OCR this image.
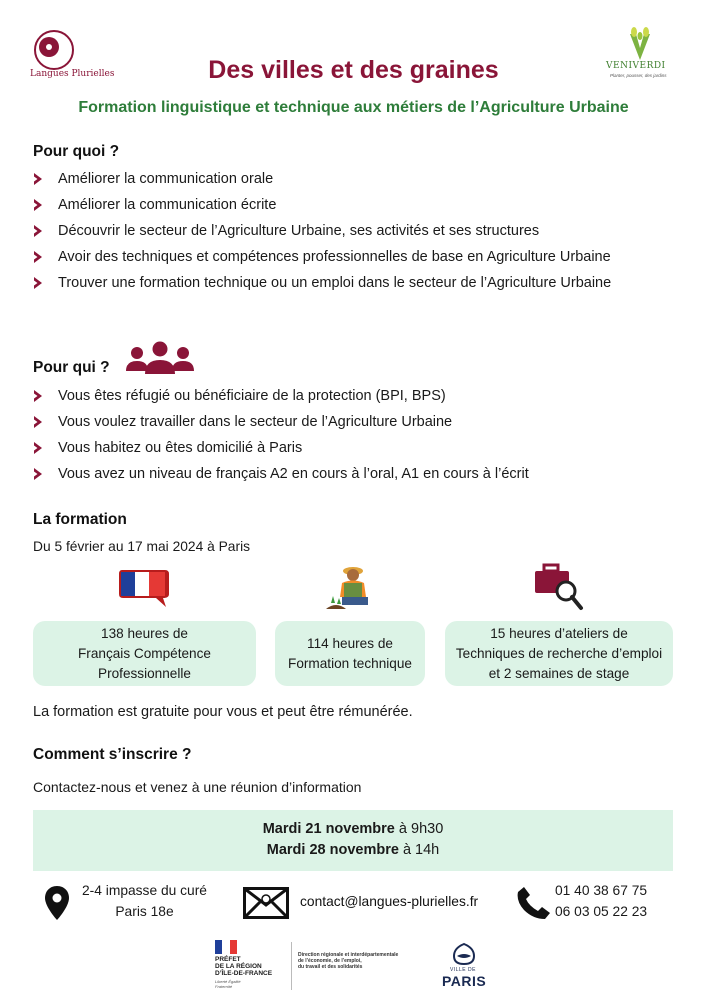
Langues Plurielles
VENIVERDI
Planter, pousser, des jardins
Des villes et des graines
Formation linguistique et technique aux métiers de l’Agriculture Urbaine
Pour quoi ?
Améliorer la communication orale
Améliorer la communication écrite
Découvrir le secteur de l’Agriculture Urbaine, ses activités et ses structures
Avoir des techniques et compétences professionnelles de base en Agriculture Urbaine
Trouver une formation technique ou un emploi dans le secteur de l’Agriculture Urbaine
Pour qui ?
Vous êtes réfugié ou bénéficiaire de la protection (BPI, BPS)
Vous voulez travailler dans le secteur de l’Agriculture Urbaine
Vous habitez ou êtes domicilié à Paris
Vous avez un niveau de français A2 en cours à l’oral, A1 en cours à l’écrit
La formation
Du 5 février au 17 mai 2024 à Paris
138 heures de
Français Compétence
Professionnelle
114 heures de
Formation technique
15 heures d’ateliers de
Techniques de recherche d’emploi
et 2 semaines de stage
La formation est gratuite pour vous et peut être rémunérée.
Comment s’inscrire ?
Contactez-nous et venez à une réunion d’information
Mardi 21 novembre à 9h30
Mardi 28 novembre à 14h
2-4 impasse du curé
Paris 18e
contact@langues-plurielles.fr
01 40 38 67 75
06 03 05 22 23
PRÉFET
DE LA RÉGION
D’ÎLE-DE-FRANCE
Liberté Égalité Fraternité
Direction régionale et interdépartementale
de l’économie, de l’emploi,
du travail et des solidarités	VILLE DE
PARIS
